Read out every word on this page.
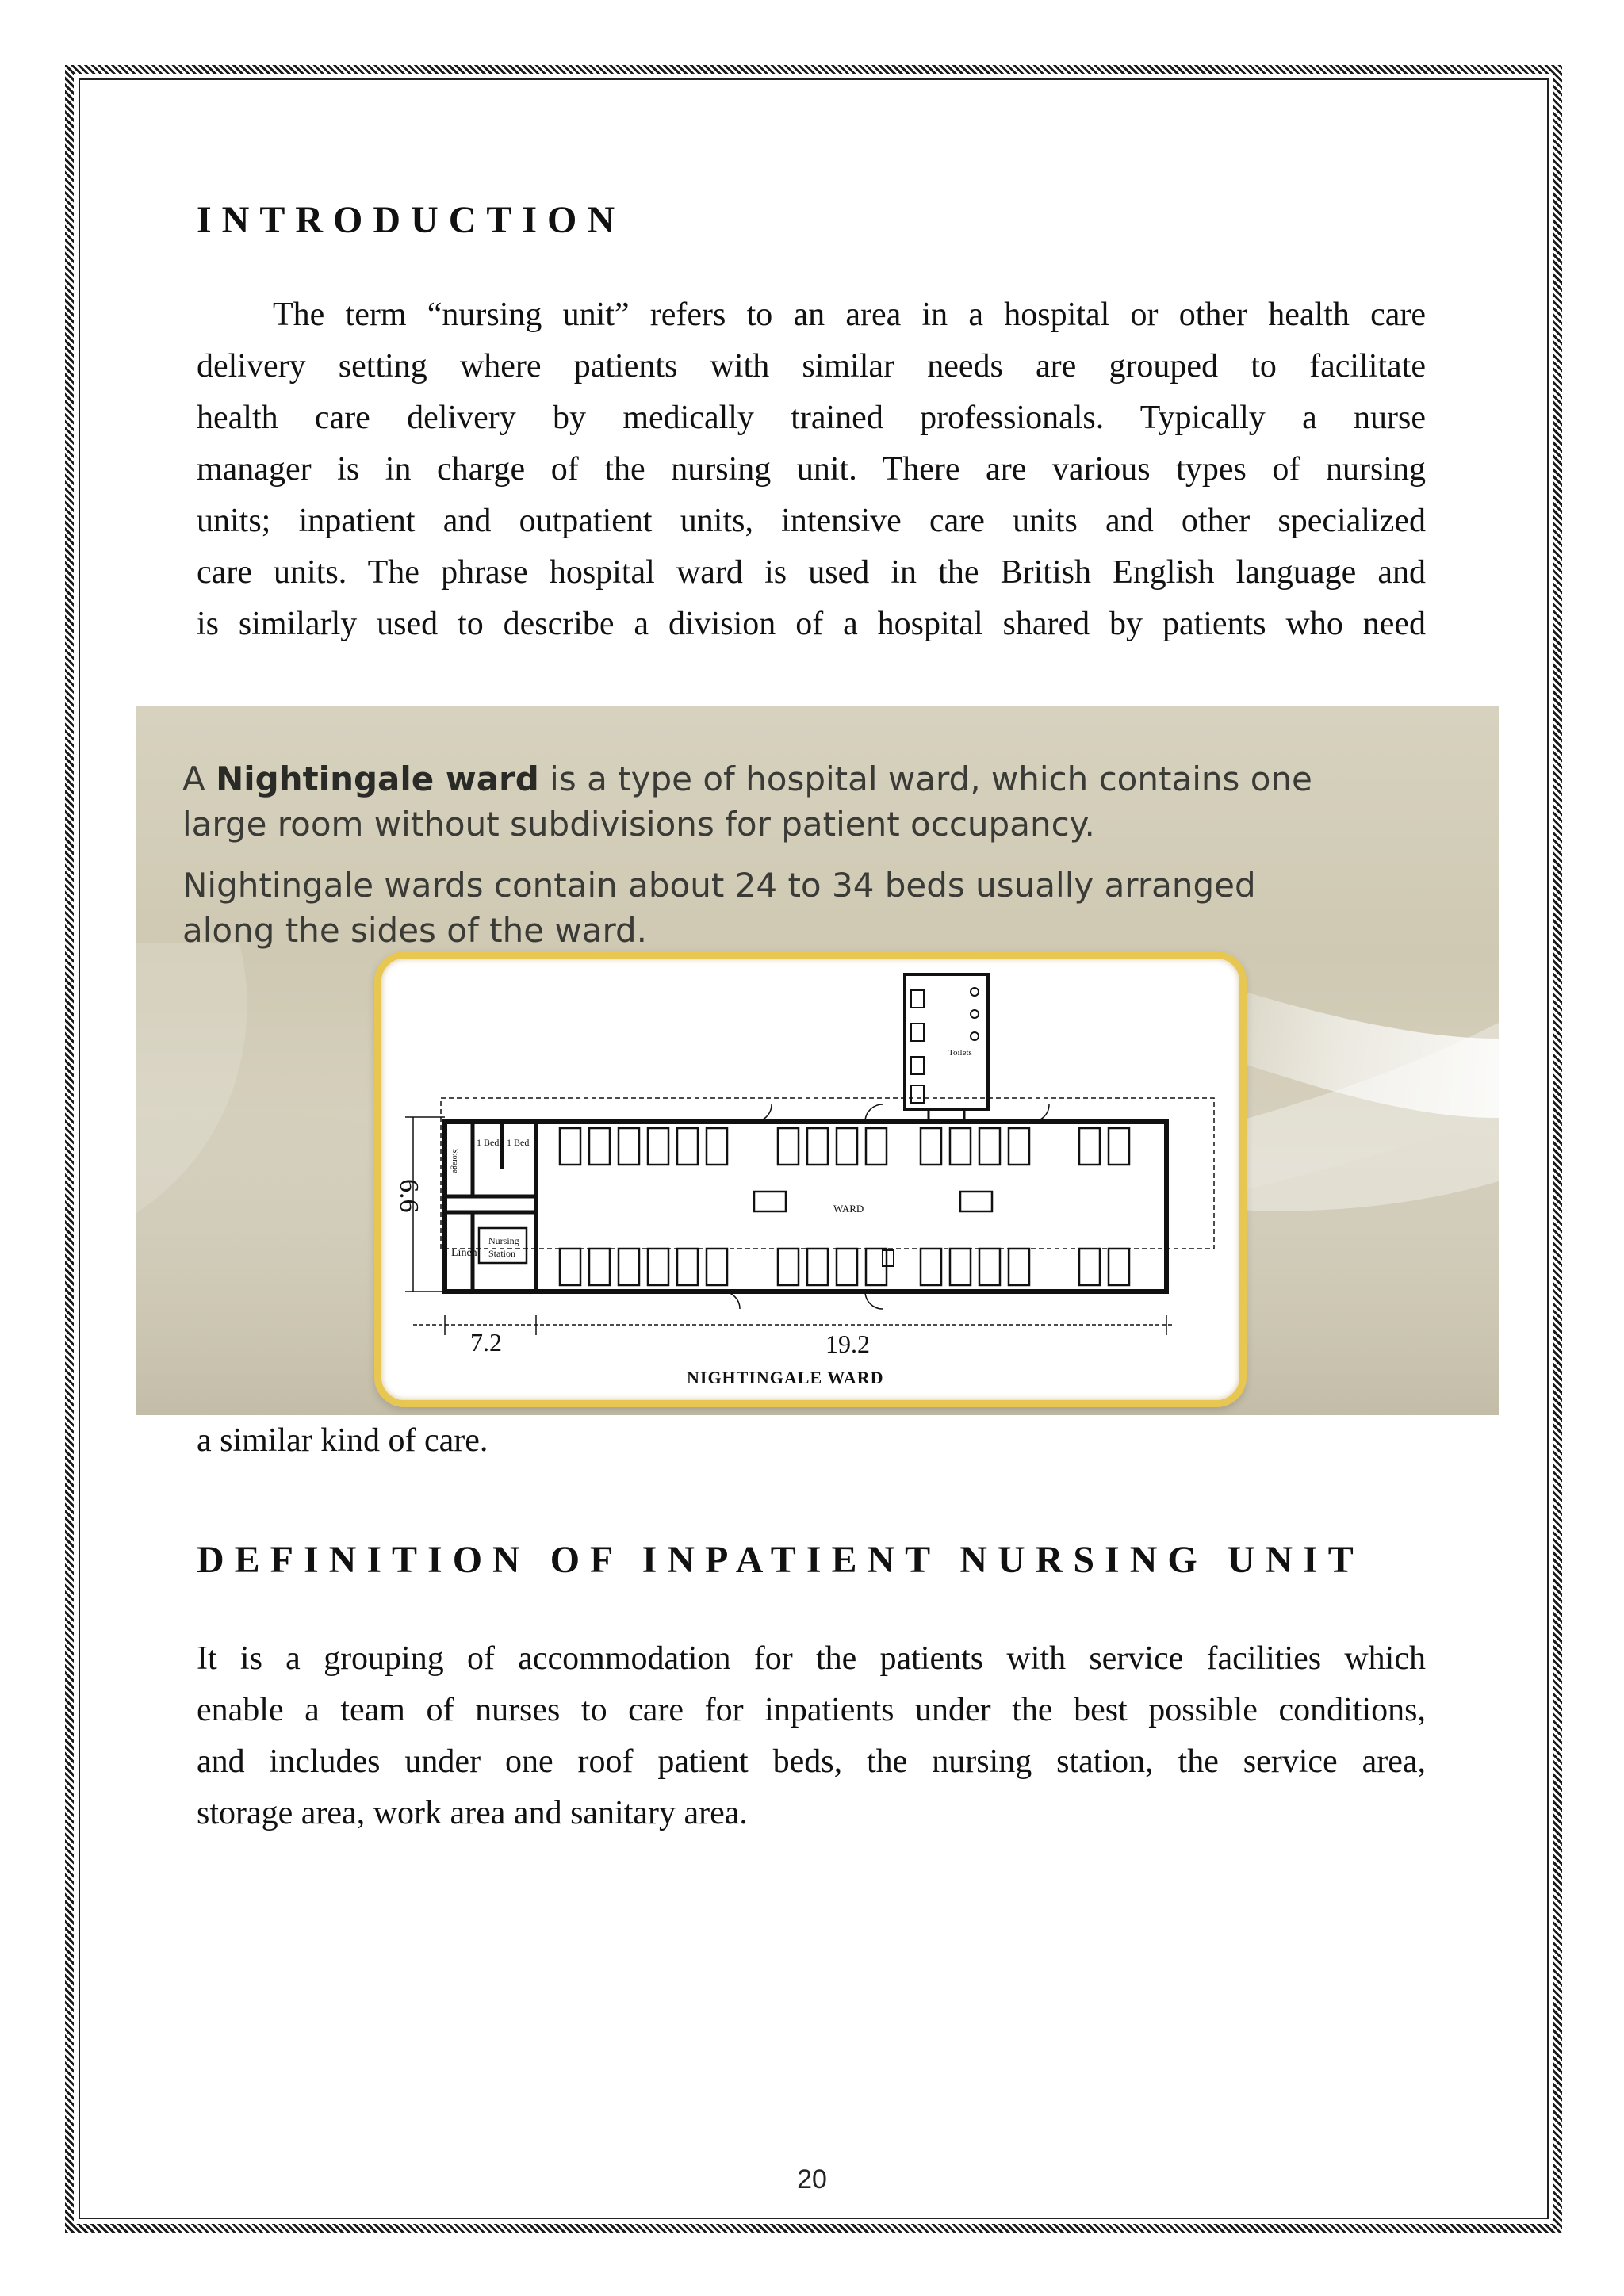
INTRODUCTION

The term “nursing unit” refers to an area in a hospital or other health care

delivery setting where patients with similar needs are grouped to facilitate

health care delivery by medically trained professionals. Typically a nurse

manager is in charge of the nursing unit. There are various types of nursing

units; inpatient and outpatient units, intensive care units and other specialized

care units. The phrase hospital ward is used in the British English language and

is similarly used to describe a division of a hospital shared by patients who need

A Nightingale ward is a type of hospital ward, which contains one

large room without subdivisions for patient occupancy.

Nightingale wards contain about 24 to 34 beds usually arranged

along the sides of the ward.

Toilets
Storage
1 Bed 1 Bed
Linen
Nursing
Station
WARD
6.6
7.2	19.2
NIGHTINGALE WARD

a similar kind of care.

DEFINITION OF INPATIENT NURSING UNIT

It is a grouping of accommodation for the patients with service facilities which

enable a team of nurses to care for inpatients under the best possible conditions,

and includes under one roof patient beds, the nursing station, the service area,

storage area, work area and sanitary area.

20
